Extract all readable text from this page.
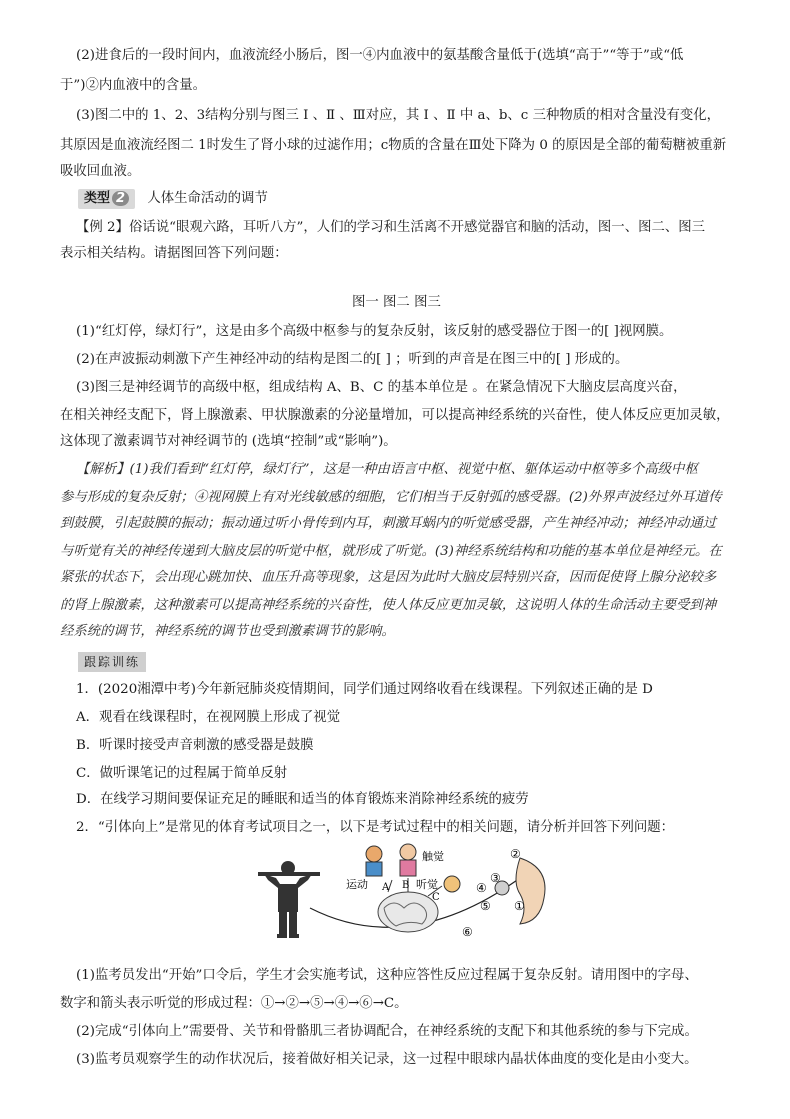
(2)进食后的一段时间内，血液流经小肠后，图一④内血液中的氨基酸含量低于(选填“高于”“等于”或“低
于”)②内血液中的含量。
(3)图二中的 1、2、3结构分别与图三 Ⅰ 、Ⅱ 、Ⅲ对应，其 Ⅰ 、Ⅱ 中 a、b、c 三种物质的相对含量没有变化，
其原因是血液流经图二 1时发生了肾小球的过滤作用；c物质的含量在Ⅲ处下降为 0 的原因是全部的葡萄糖被重新
吸收回血液。
类型 2 人体生命活动的调节
【例 2】俗话说“眼观六路，耳听八方”，人们的学习和生活离不开感觉器官和脑的活动，图一、图二、图三
表示相关结构。请据图回答下列问题：
图一 图二 图三
(1)“红灯停，绿灯行”，这是由多个高级中枢参与的复杂反射，该反射的感受器位于图一的[ ]视网膜。
(2)在声波振动刺激下产生神经冲动的结构是图二的[ ] ；听到的声音是在图三中的[ ] 形成的。
(3)图三是神经调节的高级中枢，组成结构 A、B、C 的基本单位是 。在紧急情况下大脑皮层高度兴奋，
在相关神经支配下，肾上腺激素、甲状腺激素的分泌量增加，可以提高神经系统的兴奋性，使人体反应更加灵敏，
这体现了激素调节对神经调节的 (选填“控制”或“影响”)。
【解析】(1)我们看到“红灯停，绿灯行”，这是一种由语言中枢、视觉中枢、躯体运动中枢等多个高级中枢
参与形成的复杂反射；④视网膜上有对光线敏感的细胞，它们相当于反射弧的感受器。(2)外界声波经过外耳道传
到鼓膜，引起鼓膜的振动；振动通过听小骨传到内耳，刺激耳蜗内的听觉感受器，产生神经冲动；神经冲动通过
与听觉有关的神经传递到大脑皮层的听觉中枢，就形成了听觉。(3)神经系统结构和功能的基本单位是神经元。在
紧张的状态下，会出现心跳加快、血压升高等现象，这是因为此时大脑皮层特别兴奋，因而促使肾上腺分泌较多
的肾上腺激素，这种激素可以提高神经系统的兴奋性，使人体反应更加灵敏，这说明人体的生命活动主要受到神
经系统的调节，神经系统的调节也受到激素调节的影响。
跟踪训练
1．(2020湘潭中考)今年新冠肺炎疫情期间，同学们通过网络收看在线课程。下列叙述正确的是 D
A．观看在线课程时，在视网膜上形成了视觉
B．听课时接受声音刺激的感受器是鼓膜
C．做听课笔记的过程属于简单反射
D．在线学习期间要保证充足的睡眠和适当的体育锻炼来消除神经系统的疲劳
2．“引体向上”是常见的体育考试项目之一，以下是考试过程中的相关问题，请分析并回答下列问题：
触觉
运动 A B 听觉
C
②
③
④
⑤ ①
⑥
(1)监考员发出“开始”口令后，学生才会实施考试，这种应答性反应过程属于复杂反射。请用图中的字母、
数字和箭头表示听觉的形成过程：①→②→⑤→④→⑥→C。
(2)完成“引体向上”需要骨、关节和骨骼肌三者协调配合，在神经系统的支配下和其他系统的参与下完成。
(3)监考员观察学生的动作状况后，接着做好相关记录，这一过程中眼球内晶状体曲度的变化是由小变大。
